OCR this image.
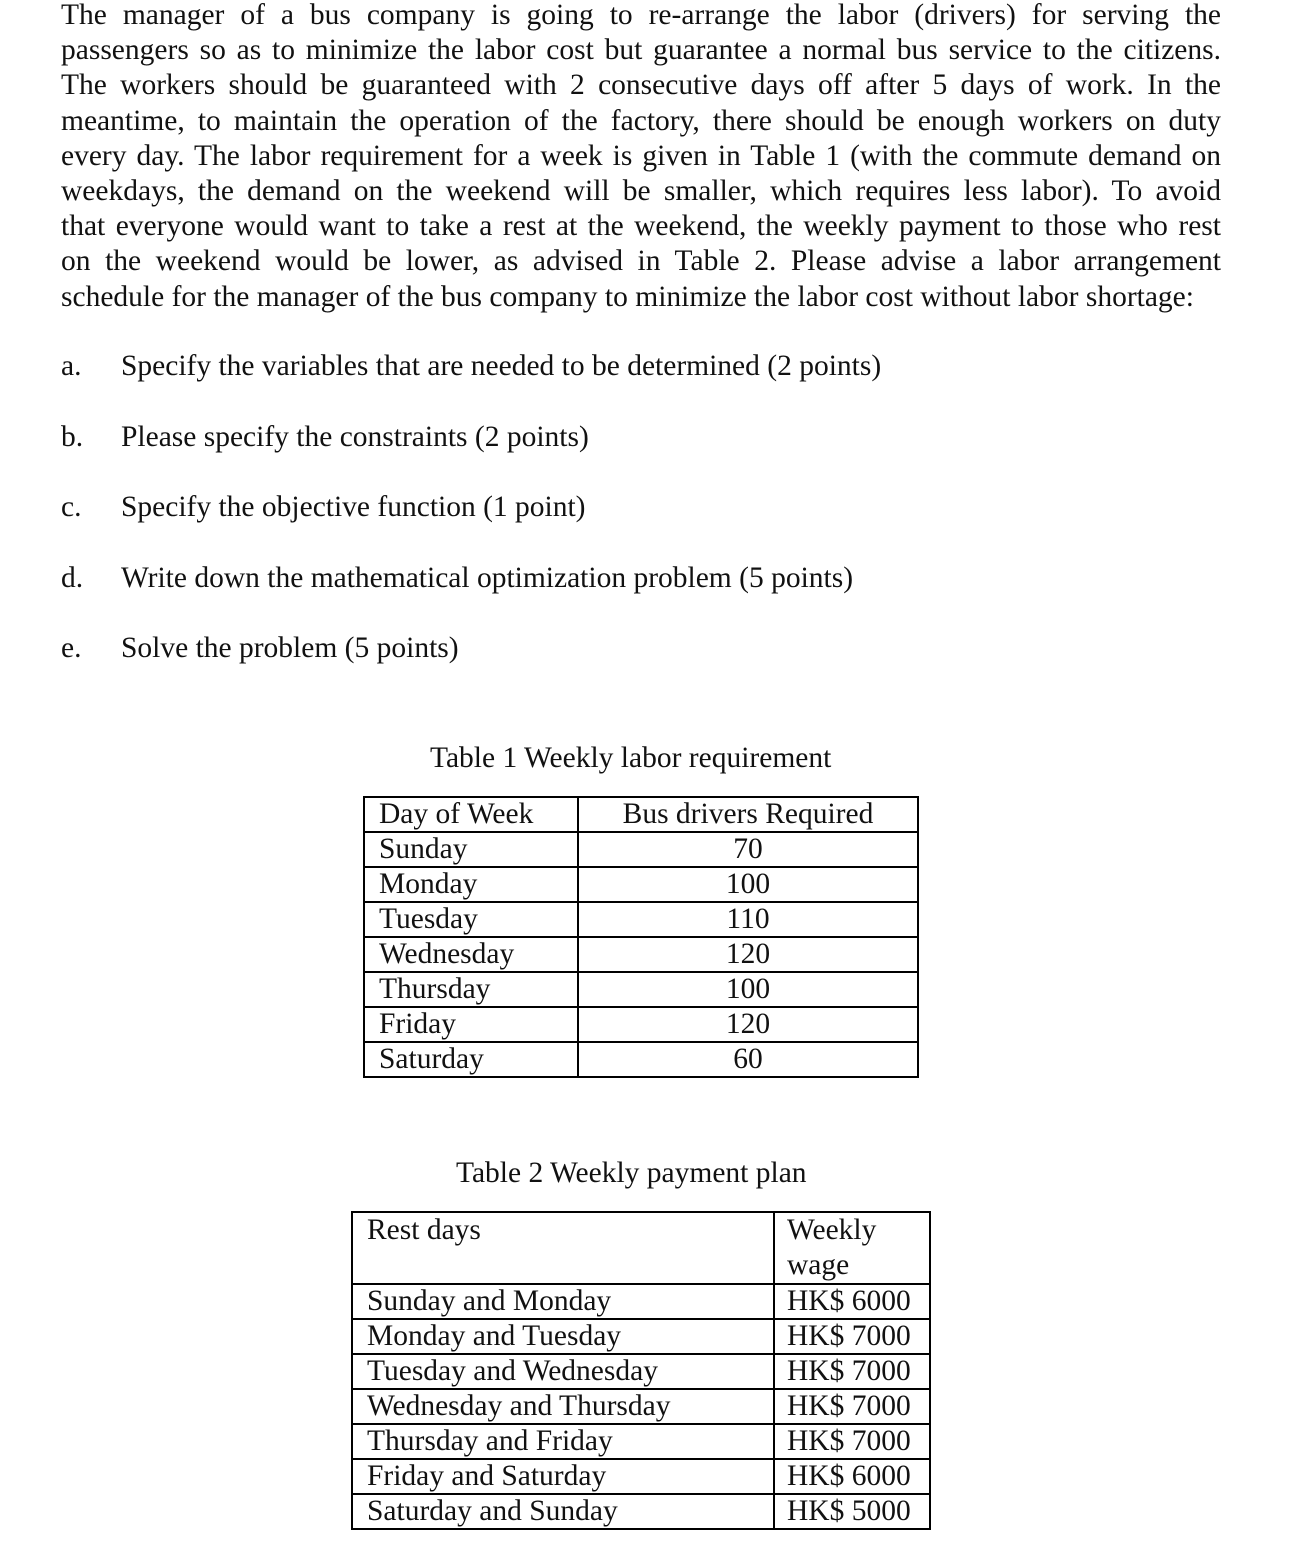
The manager of a bus company is going to re-arrange the labor (drivers) for serving the
passengers so as to minimize the labor cost but guarantee a normal bus service to the citizens.
The workers should be guaranteed with 2 consecutive days off after 5 days of work. In the
meantime, to maintain the operation of the factory, there should be enough workers on duty
every day. The labor requirement for a week is given in Table 1 (with the commute demand on
weekdays, the demand on the weekend will be smaller, which requires less labor). To avoid
that everyone would want to take a rest at the weekend, the weekly payment to those who rest
on the weekend would be lower, as advised in Table 2. Please advise a labor arrangement
schedule for the manager of the bus company to minimize the labor cost without labor shortage:
a. Specify the variables that are needed to be determined (2 points)
b. Please specify the constraints (2 points)
c. Specify the objective function (1 point)
d. Write down the mathematical optimization problem (5 points)
e. Solve the problem (5 points)
Table 1 Weekly labor requirement
Day of Week	Bus drivers Required
Sunday	70
Monday	100
Tuesday	110
Wednesday	120
Thursday	100
Friday	120
Saturday	60
Table 2 Weekly payment plan
Rest days	Weekly wage
Sunday and Monday	HK$ 6000
Monday and Tuesday	HK$ 7000
Tuesday and Wednesday	HK$ 7000
Wednesday and Thursday	HK$ 7000
Thursday and Friday	HK$ 7000
Friday and Saturday	HK$ 6000
Saturday and Sunday	HK$ 5000
